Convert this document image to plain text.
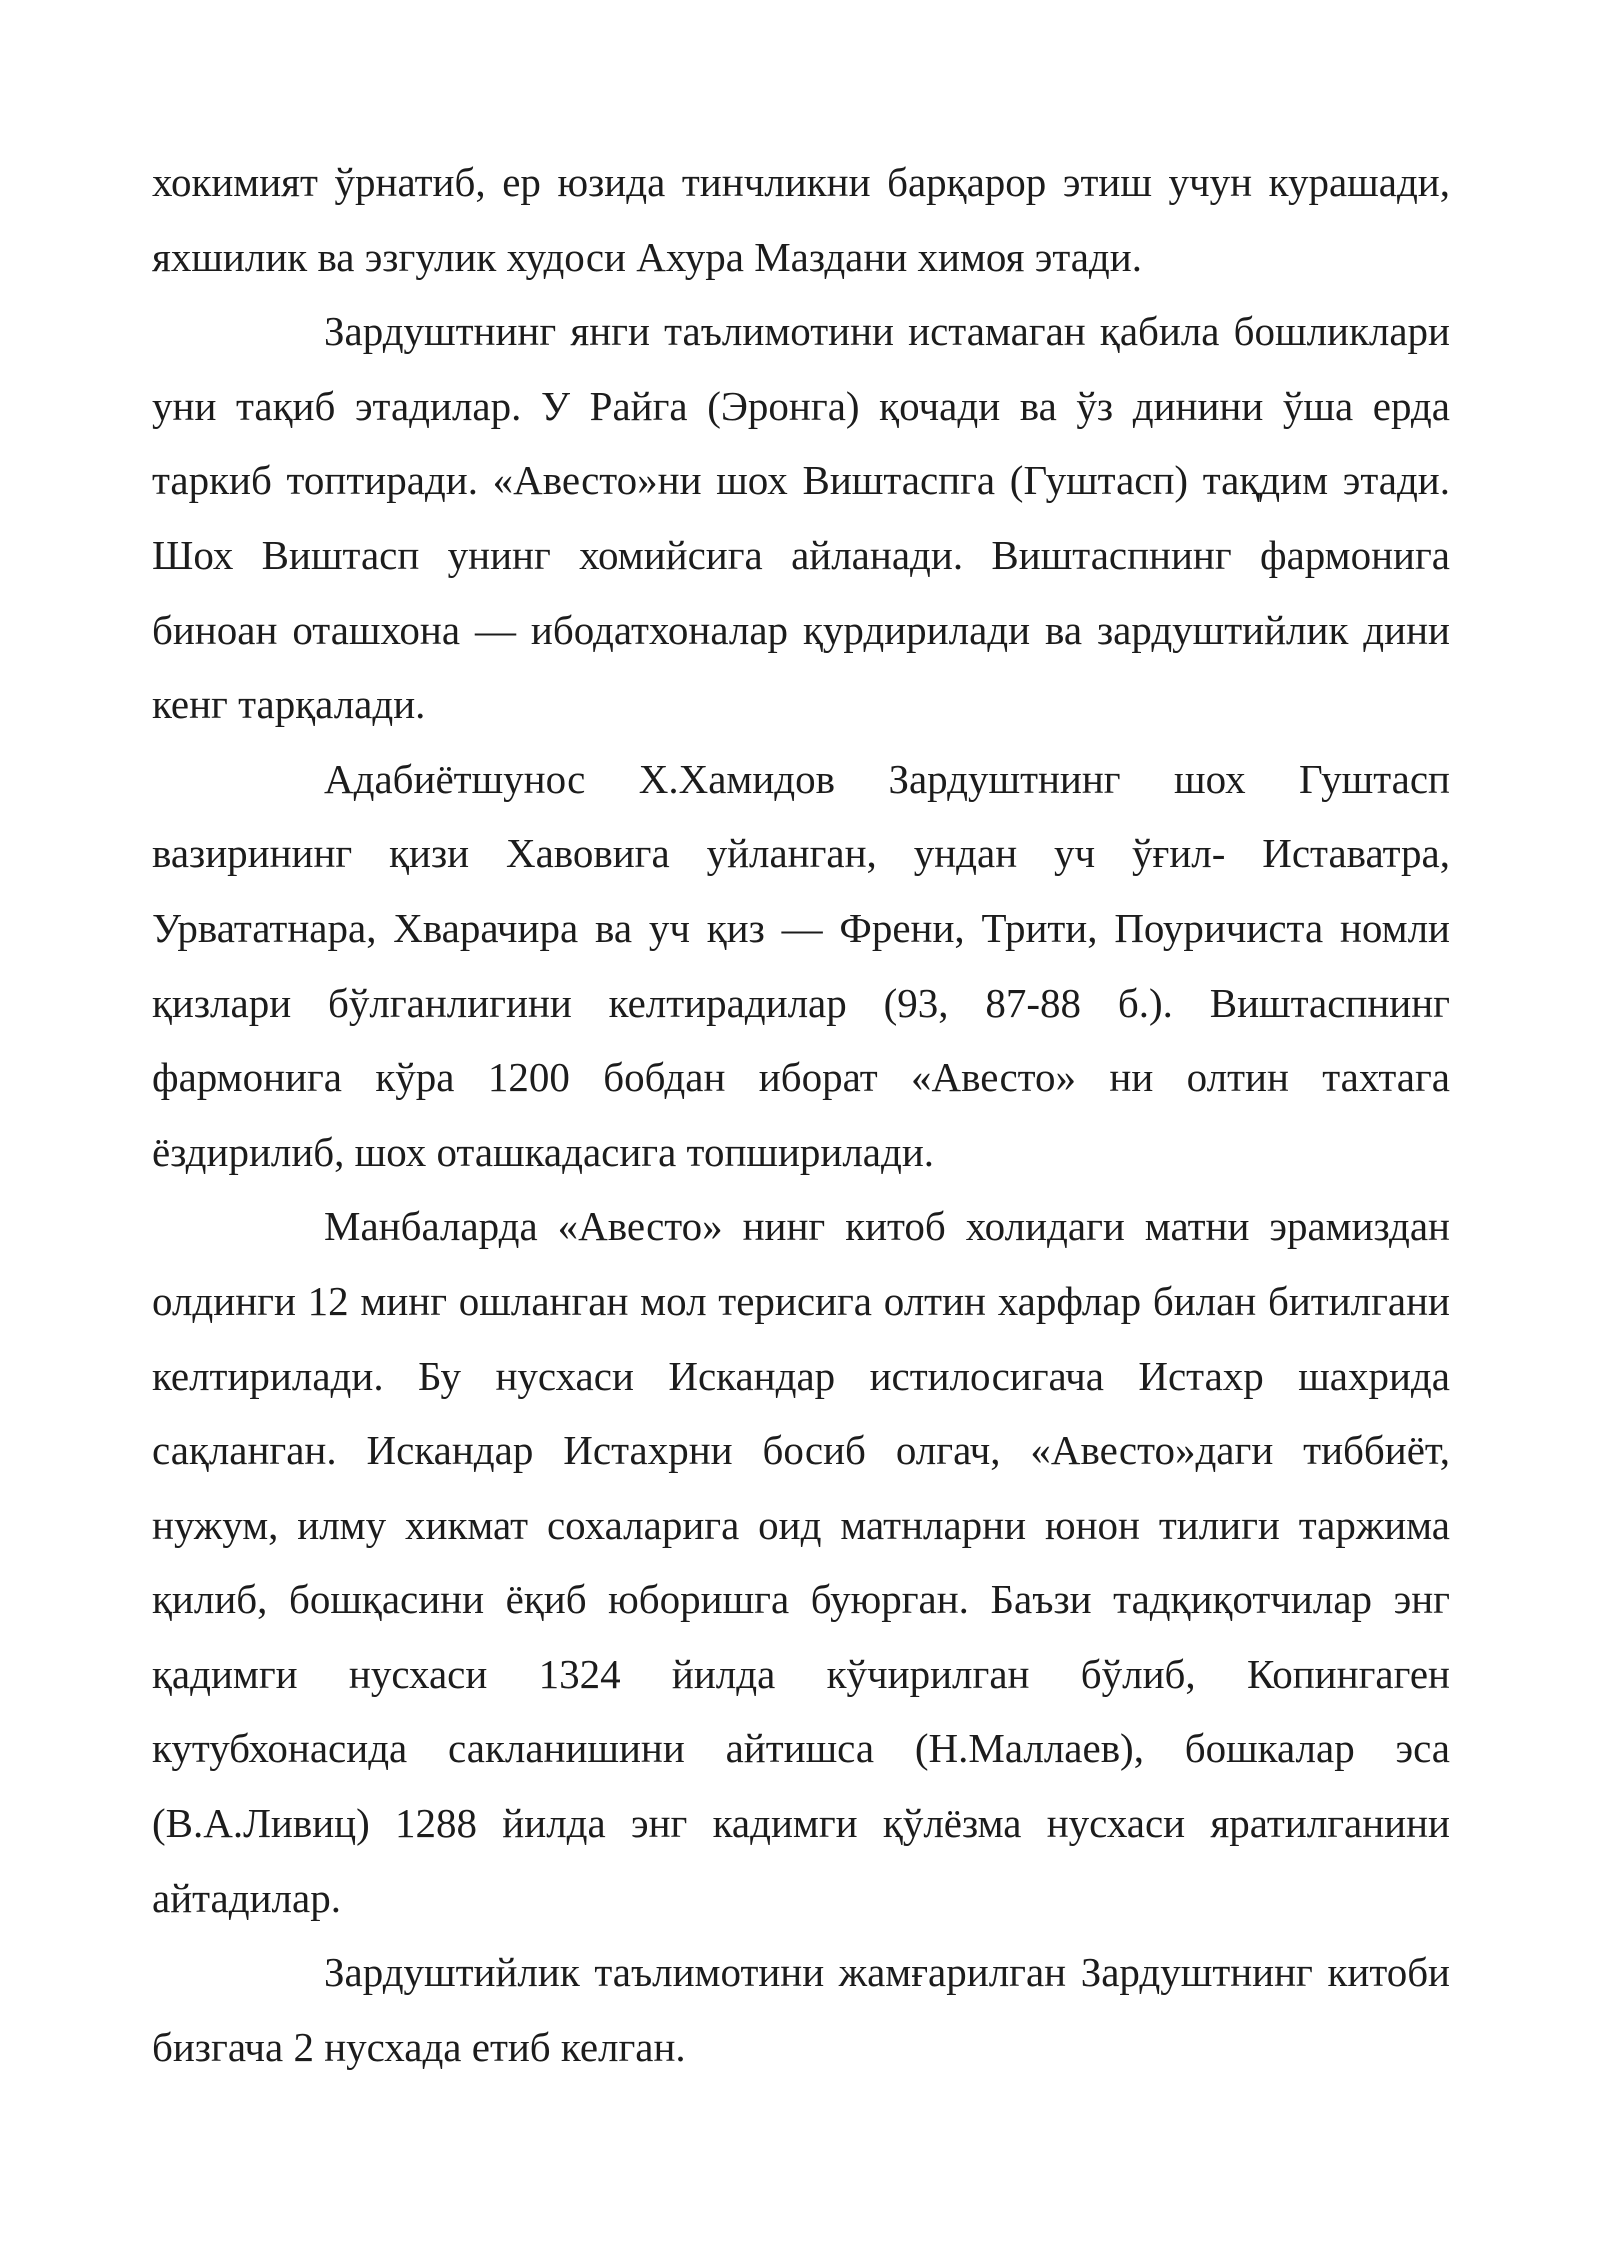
хокимият ўрнатиб, ер юзида тинчликни барқарор этиш учун курашади, яхшилик ва эзгулик худоси Ахура Маздани химоя этади.

Зардуштнинг янги таълимотини истамаган қабила бошликлари уни тақиб этадилар. У Райга (Эронга) қочади ва ўз динини ўша ерда таркиб топтиради. «Авесто»ни шох Виштаспга (Гуштасп) тақдим этади. Шох Виштасп унинг хомийсига айланади. Виштаспнинг фармонига биноан оташхона — ибодатхоналар қурдирилади ва зардуштийлик дини кенг тарқалади.

Адабиётшунос Х.Хамидов Зардуштнинг шох Гуштасп вазирининг қизи Хавовига уйланган, ундан уч ўғил- Иставатра, Урвататнара, Хварачира ва уч қиз — Френи, Трити, Поуричиста номли қизлари бўлганлигини келтирадилар (93, 87-88 б.). Виштаспнинг фармонига кўра 1200 бобдан иборат «Авесто» ни олтин тахтага ёздирилиб, шох оташкадасига топширилади.

Манбаларда «Авесто» нинг китоб холидаги матни эрамиздан олдинги 12 минг ошланган мол терисига олтин харфлар билан битилгани келтирилади. Бу нусхаси Искандар истилосигача Истахр шахрида сақланган. Искандар Истахрни босиб олгач, «Авесто»даги тиббиёт, нужум, илму хикмат сохаларига оид матнларни юнон тилиги таржима қилиб, бошқасини ёқиб юборишга буюрган. Баъзи тадқиқотчилар энг қадимги нусхаси 1324 йилда кўчирилган бўлиб, Копингаген кутубхонасида сакланишини айтишса (Н.Маллаев), бошкалар эса (В.А.Ливиц) 1288 йилда энг кадимги қўлёзма нусхаси яратилганини айтадилар.

Зардуштийлик таълимотини жамғарилган Зардуштнинг китоби бизгача 2 нусхада етиб келган.
